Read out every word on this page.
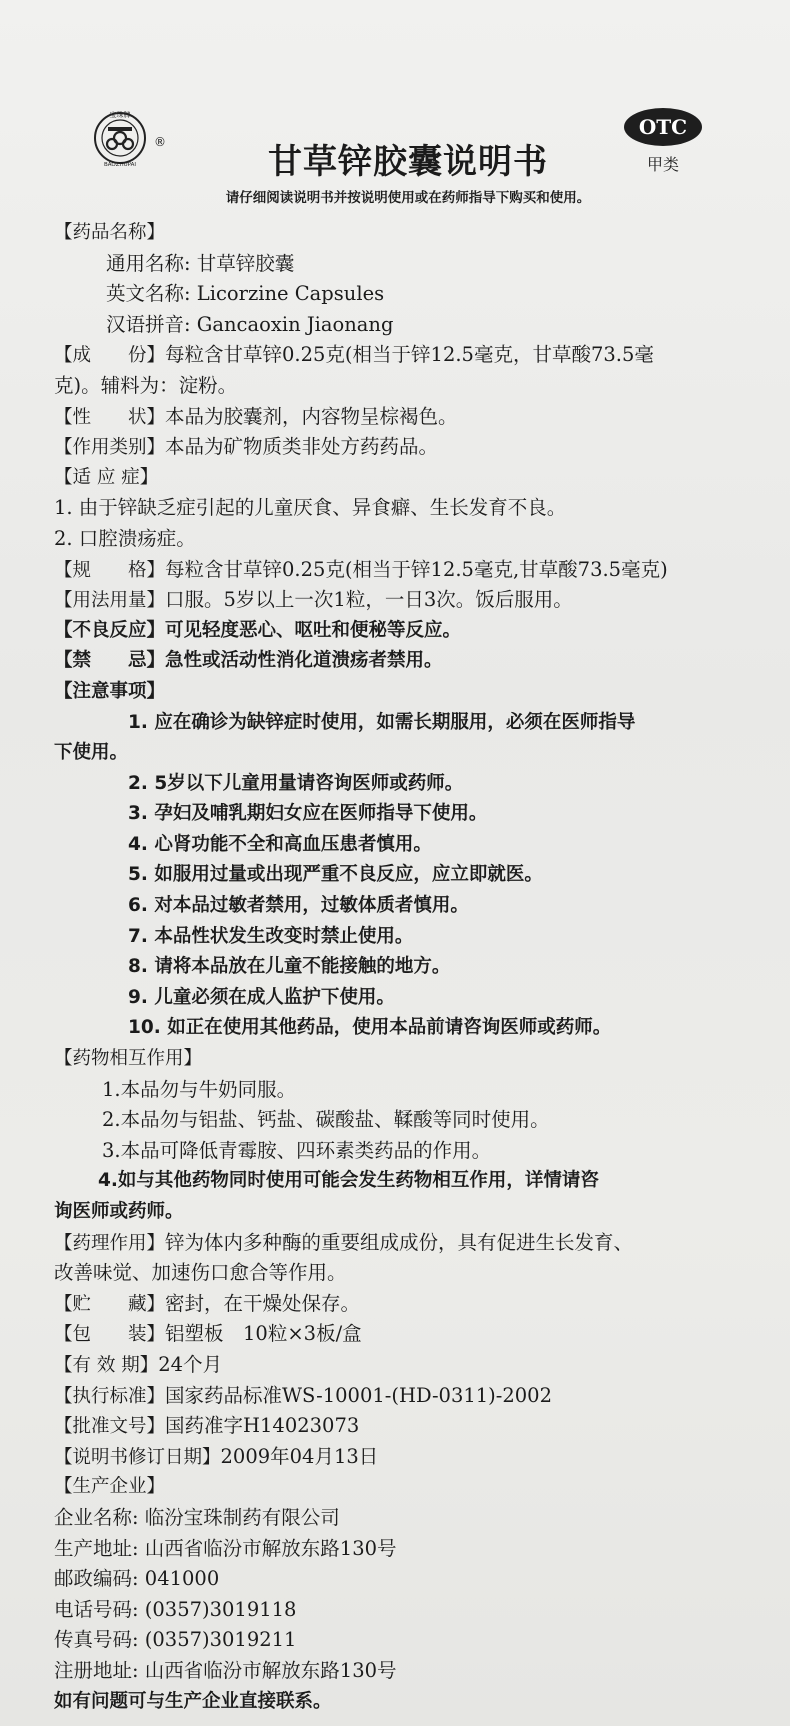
宝珠牌
BAOZHUPAI
®
OTC
甲类
甘草锌胶囊说明书
请仔细阅读说明书并按说明使用或在药师指导下购买和使用。
【药品名称】
通用名称: 甘草锌胶囊
英文名称: Licorzine Capsules
汉语拼音: Gancaoxin Jiaonang
【成　　份】每粒含甘草锌0.25克(相当于锌12.5毫克，甘草酸73.5毫
克)。辅料为：淀粉。
【性　　状】本品为胶囊剂，内容物呈棕褐色。
【作用类别】本品为矿物质类非处方药药品。
【适 应 症】
1. 由于锌缺乏症引起的儿童厌食、异食癖、生长发育不良。
2. 口腔溃疡症。
【规　　格】每粒含甘草锌0.25克(相当于锌12.5毫克,甘草酸73.5毫克)
【用法用量】口服。5岁以上一次1粒，一日3次。饭后服用。
【不良反应】可见轻度恶心、呕吐和便秘等反应。
【禁　　忌】急性或活动性消化道溃疡者禁用。
【注意事项】
1. 应在确诊为缺锌症时使用，如需长期服用，必须在医师指导
下使用。
2. 5岁以下儿童用量请咨询医师或药师。
3. 孕妇及哺乳期妇女应在医师指导下使用。
4. 心肾功能不全和高血压患者慎用。
5. 如服用过量或出现严重不良反应，应立即就医。
6. 对本品过敏者禁用，过敏体质者慎用。
7. 本品性状发生改变时禁止使用。
8. 请将本品放在儿童不能接触的地方。
9. 儿童必须在成人监护下使用。
10. 如正在使用其他药品，使用本品前请咨询医师或药师。
【药物相互作用】
1.本品勿与牛奶同服。
2.本品勿与铝盐、钙盐、碳酸盐、鞣酸等同时使用。
3.本品可降低青霉胺、四环素类药品的作用。
4.如与其他药物同时使用可能会发生药物相互作用，详情请咨
询医师或药师。
【药理作用】锌为体内多种酶的重要组成成份，具有促进生长发育、
改善味觉、加速伤口愈合等作用。
【贮　　藏】密封，在干燥处保存。
【包　　装】铝塑板　10粒×3板/盒
【有 效 期】24个月
【执行标准】国家药品标准WS-10001-(HD-0311)-2002
【批准文号】国药准字H14023073
【说明书修订日期】2009年04月13日
【生产企业】
企业名称: 临汾宝珠制药有限公司
生产地址: 山西省临汾市解放东路130号
邮政编码: 041000
电话号码: (0357)3019118
传真号码: (0357)3019211
注册地址: 山西省临汾市解放东路130号
如有问题可与生产企业直接联系。
